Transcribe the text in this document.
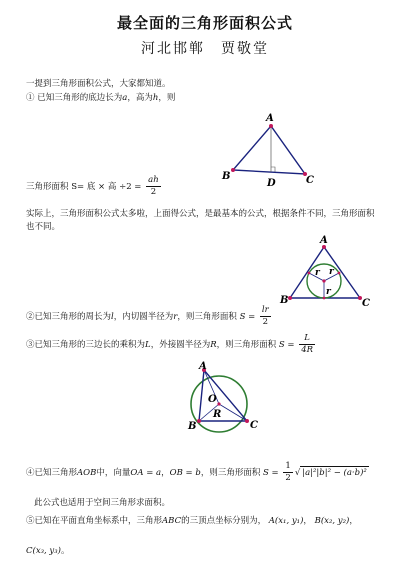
最全面的三角形面积公式
河北邯郸　贾敬堂
一提到三角形面积公式，大家都知道。
① 已知三角形的底边长为a，高为h，则
A
B	C
D
三角形面积 S= 底 × 高 $\div 2 = \frac{ah}{2}$
实际上，三角形面积公式太多啦，上面得公式，是最基本的公式，根据条件不同，三角形面积也不同。
A
B	C
r r
r
②已知三角形的周长为l，内切圆半径为r，则三角形面积 $S = \frac{lr}{2}$
③已知三角形的三边长的乘积为L，外接圆半径为R，则三角形面积 $S = \frac{L}{4R}$
A
B	C
O
R
④已知三角形AOB中，向量OA = a，OB = b，则三角形面积 $S = \frac{1}{2}$ √ |a|²|b|² − (a·b)²
此公式也适用于空间三角形求面积。
⑤已知在平面直角坐标系中，三角形ABC的三顶点坐标分别为， A(x₁, y₁)， B(x₂, y₂)，
C(x₃, y₃)。
